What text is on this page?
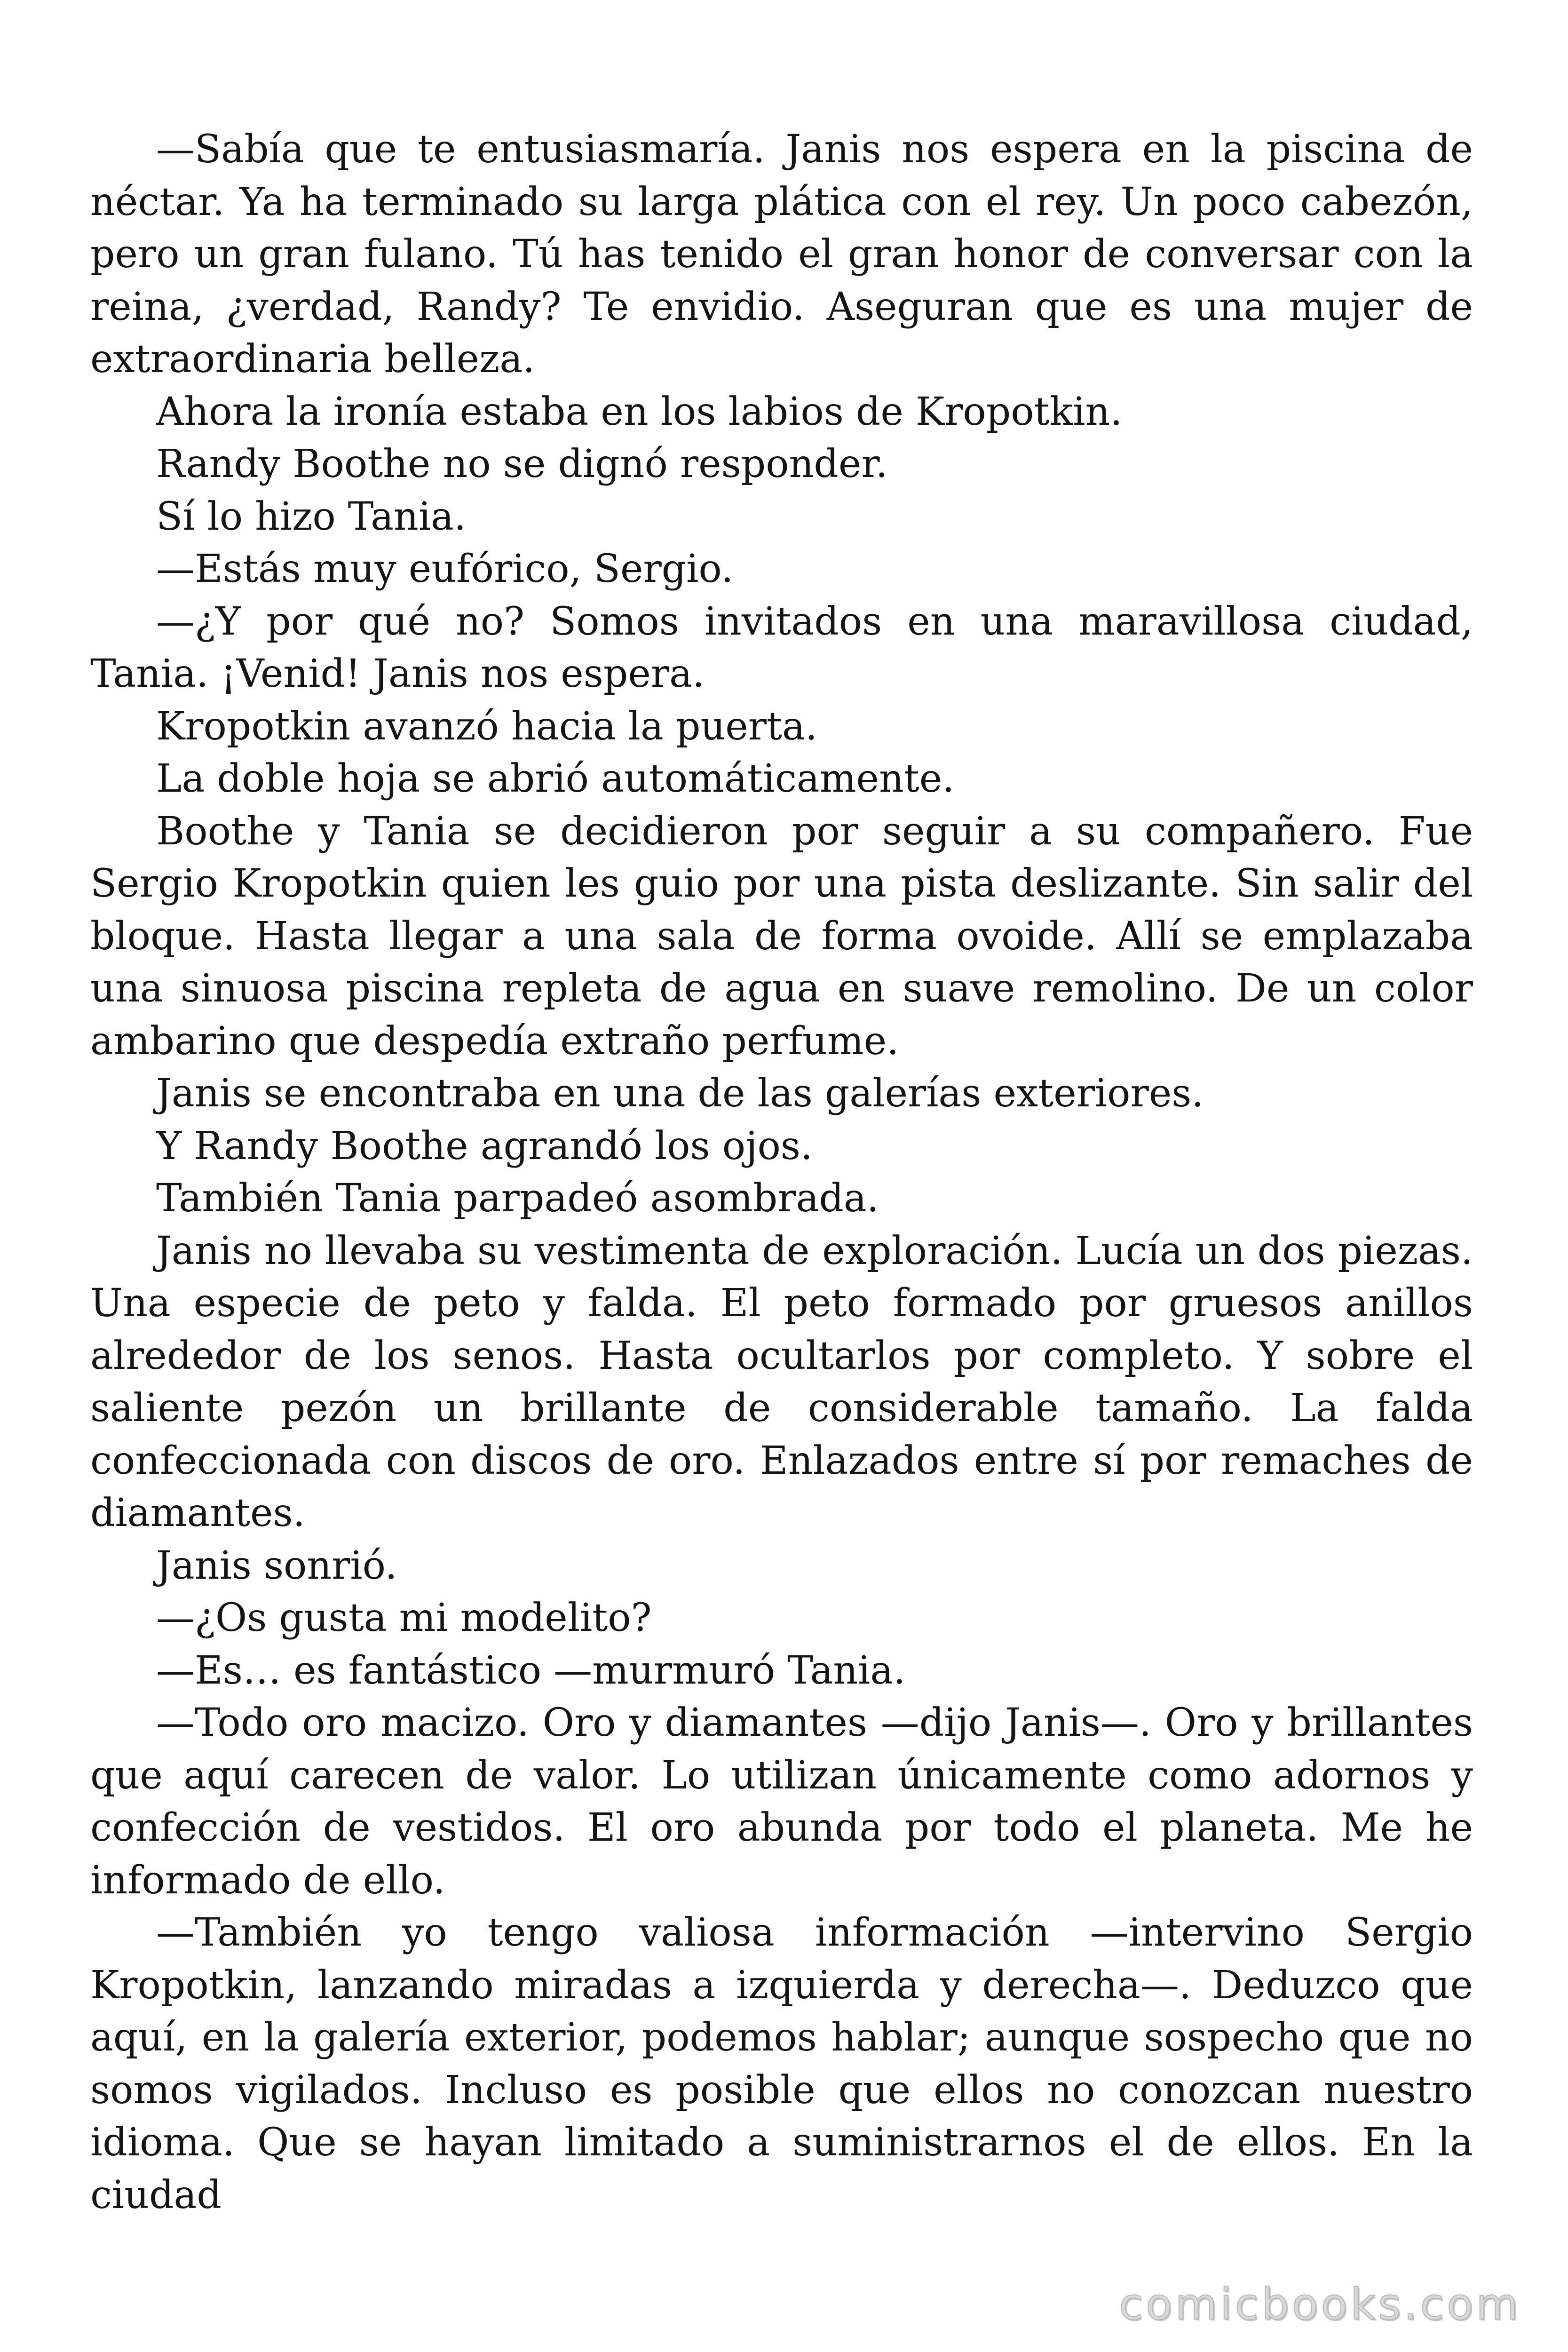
—Sabía que te entusiasmaría. Janis nos espera en la piscina de néctar. Ya ha terminado su larga plática con el rey. Un poco cabezón, pero un gran fulano. Tú has tenido el gran honor de conversar con la reina, ¿verdad, Randy? Te envidio. Aseguran que es una mujer de extraordinaria belleza.

Ahora la ironía estaba en los labios de Kropotkin.

Randy Boothe no se dignó responder.

Sí lo hizo Tania.

—Estás muy eufórico, Sergio.

—¿Y por qué no? Somos invitados en una maravillosa ciudad, Tania. ¡Venid! Janis nos espera.

Kropotkin avanzó hacia la puerta.

La doble hoja se abrió automáticamente.

Boothe y Tania se decidieron por seguir a su compañero. Fue Sergio Kropotkin quien les guio por una pista deslizante. Sin salir del bloque. Hasta llegar a una sala de forma ovoide. Allí se emplazaba una sinuosa piscina repleta de agua en suave remolino. De un color ambarino que despedía extraño perfume.

Janis se encontraba en una de las galerías exteriores.

Y Randy Boothe agrandó los ojos.

También Tania parpadeó asombrada.

Janis no llevaba su vestimenta de exploración. Lucía un dos piezas. Una especie de peto y falda. El peto formado por gruesos anillos alrededor de los senos. Hasta ocultarlos por completo. Y sobre el saliente pezón un brillante de considerable tamaño. La falda confeccionada con discos de oro. Enlazados entre sí por remaches de diamantes.

Janis sonrió.

—¿Os gusta mi modelito?

—Es… es fantástico —murmuró Tania.

—Todo oro macizo. Oro y diamantes —dijo Janis—. Oro y brillantes que aquí carecen de valor. Lo utilizan únicamente como adornos y confección de vestidos. El oro abunda por todo el planeta. Me he informado de ello.

—También yo tengo valiosa información —intervino Sergio Kropotkin, lanzando miradas a izquierda y derecha—. Deduzco que aquí, en la galería exterior, podemos hablar; aunque sospecho que no somos vigilados. Incluso es posible que ellos no conozcan nuestro idioma. Que se hayan limitado a suministrarnos el de ellos. En la ciudad

comicbooks.com
